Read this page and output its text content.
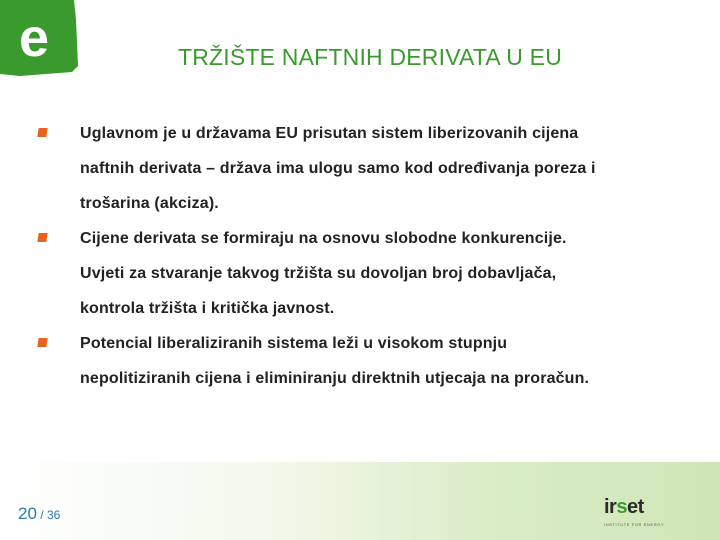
e	TRŽIŠTE NAFTNIH DERIVATA U EU
Uglavnom je u državama EU prisutan sistem liberizovanih cijena
naftnih derivata – država ima ulogu samo kod određivanja poreza i
trošarina (akciza).
Cijene derivata se formiraju na osnovu slobodne konkurencije.
Uvjeti za stvaranje takvog tržišta su dovoljan broj dobavljača,
kontrola tržišta i kritička javnost.
Potencial liberaliziranih sistema leži u visokom stupnju
nepolitiziranih cijena i eliminiranju direktnih utjecaja na proračun.
20 / 36	irset
INSTITUTE FOR ENERGY
